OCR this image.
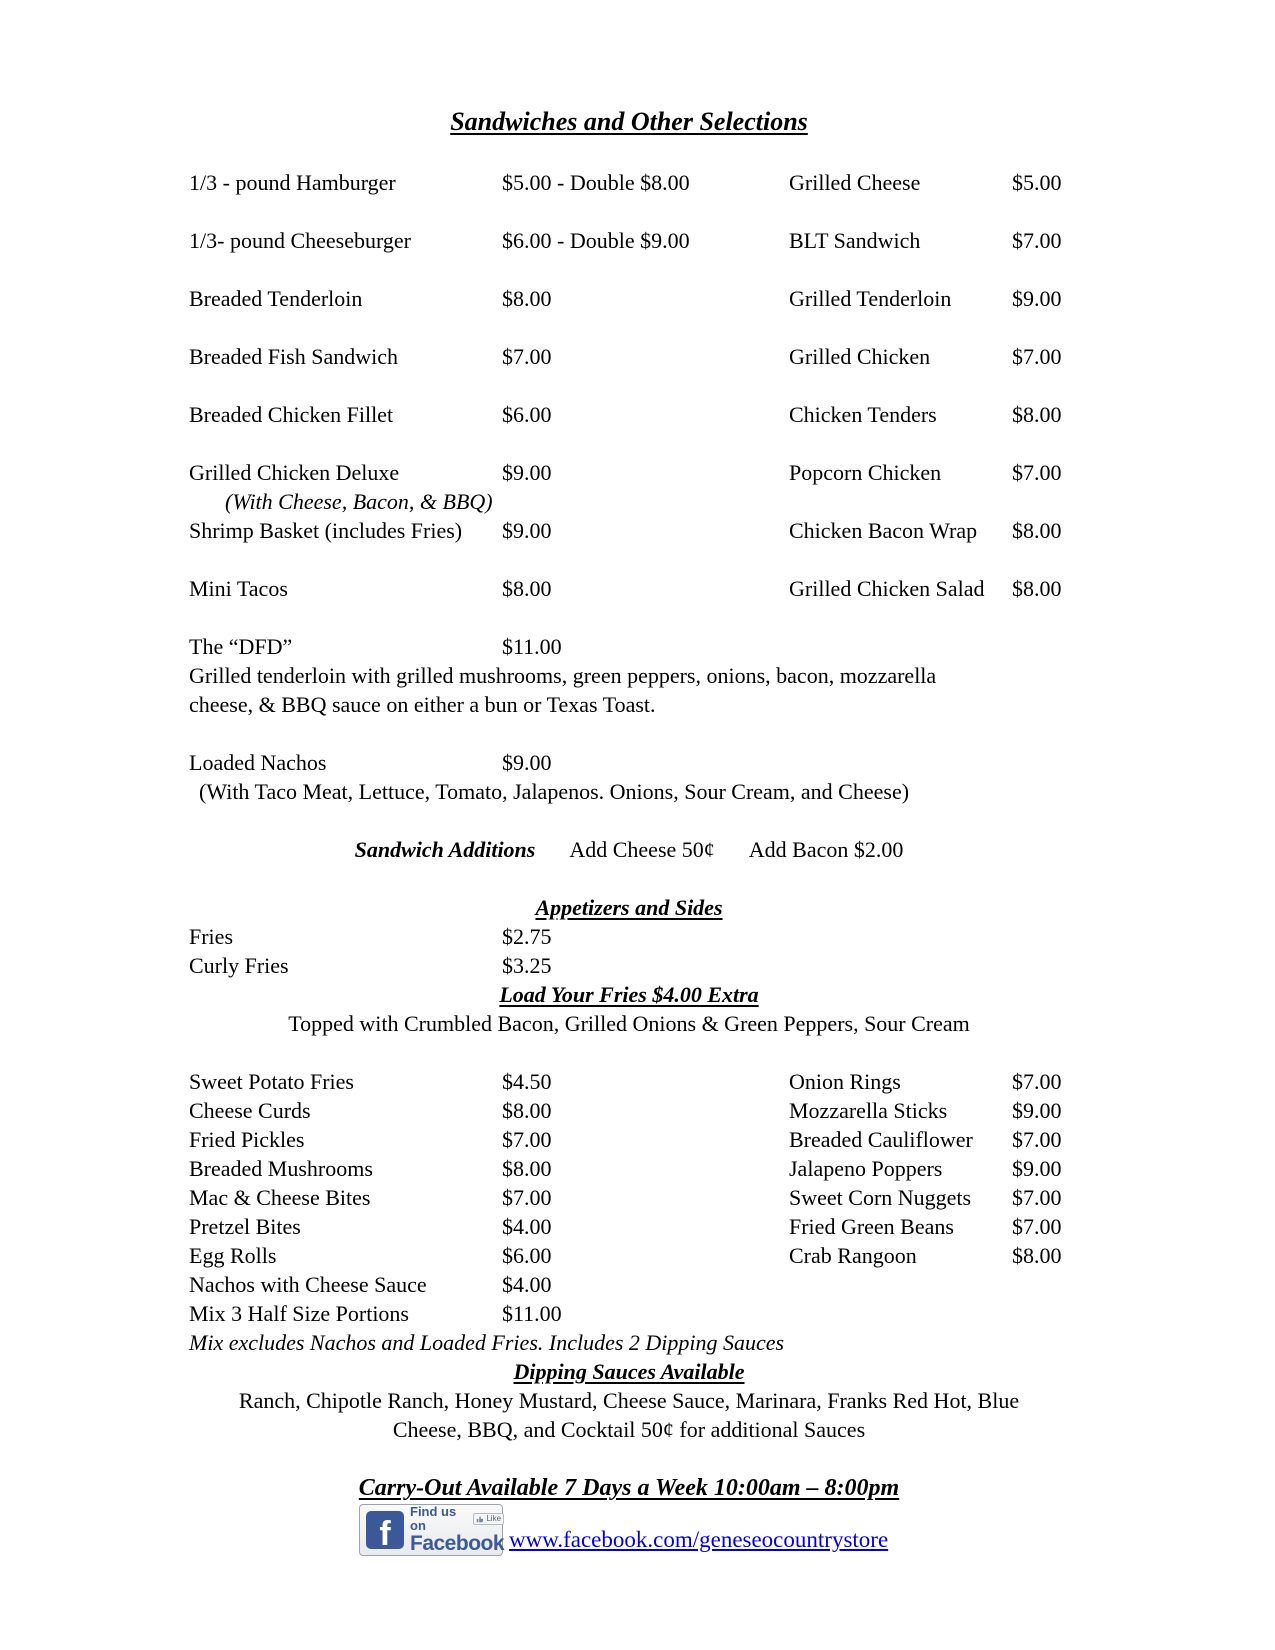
Sandwiches and Other Selections
1/3 - pound Hamburger	$5.00 - Double $8.00	Grilled Cheese	$5.00
1/3- pound Cheeseburger	$6.00 - Double $9.00	BLT Sandwich	$7.00
Breaded Tenderloin	$8.00	Grilled Tenderloin	$9.00
Breaded Fish Sandwich	$7.00	Grilled Chicken	$7.00
Breaded Chicken Fillet	$6.00	Chicken Tenders	$8.00
Grilled Chicken Deluxe	$9.00	Popcorn Chicken	$7.00
(With Cheese, Bacon, & BBQ)
Shrimp Basket (includes Fries)	$9.00	Chicken Bacon Wrap	$8.00
Mini Tacos	$8.00	Grilled Chicken Salad	$8.00
The “DFD”	$11.00
Grilled tenderloin with grilled mushrooms, green peppers, onions, bacon, mozzarella
cheese, & BBQ sauce on either a bun or Texas Toast.
Loaded Nachos	$9.00
(With Taco Meat, Lettuce, Tomato, Jalapenos. Onions, Sour Cream, and Cheese)
Sandwich Additions Add Cheese 50¢ Add Bacon $2.00
Appetizers and Sides
Fries	$2.75
Curly Fries	$3.25
Load Your Fries $4.00 Extra
Topped with Crumbled Bacon, Grilled Onions & Green Peppers, Sour Cream
Sweet Potato Fries	$4.50	Onion Rings	$7.00
Cheese Curds	$8.00	Mozzarella Sticks	$9.00
Fried Pickles	$7.00	Breaded Cauliflower	$7.00
Breaded Mushrooms	$8.00	Jalapeno Poppers	$9.00
Mac & Cheese Bites	$7.00	Sweet Corn Nuggets	$7.00
Pretzel Bites	$4.00	Fried Green Beans	$7.00
Egg Rolls	$6.00	Crab Rangoon	$8.00
Nachos with Cheese Sauce	$4.00
Mix 3 Half Size Portions	$11.00
Mix excludes Nachos and Loaded Fries. Includes 2 Dipping Sauces
Dipping Sauces Available
Ranch, Chipotle Ranch, Honey Mustard, Cheese Sauce, Marinara, Franks Red Hot, Blue
Cheese, BBQ, and Cocktail 50¢ for additional Sauces
Carry-Out Available 7 Days a Week 10:00am – 8:00pm
f
Find us on	Like
Facebook www.facebook.com/geneseocountrystore
